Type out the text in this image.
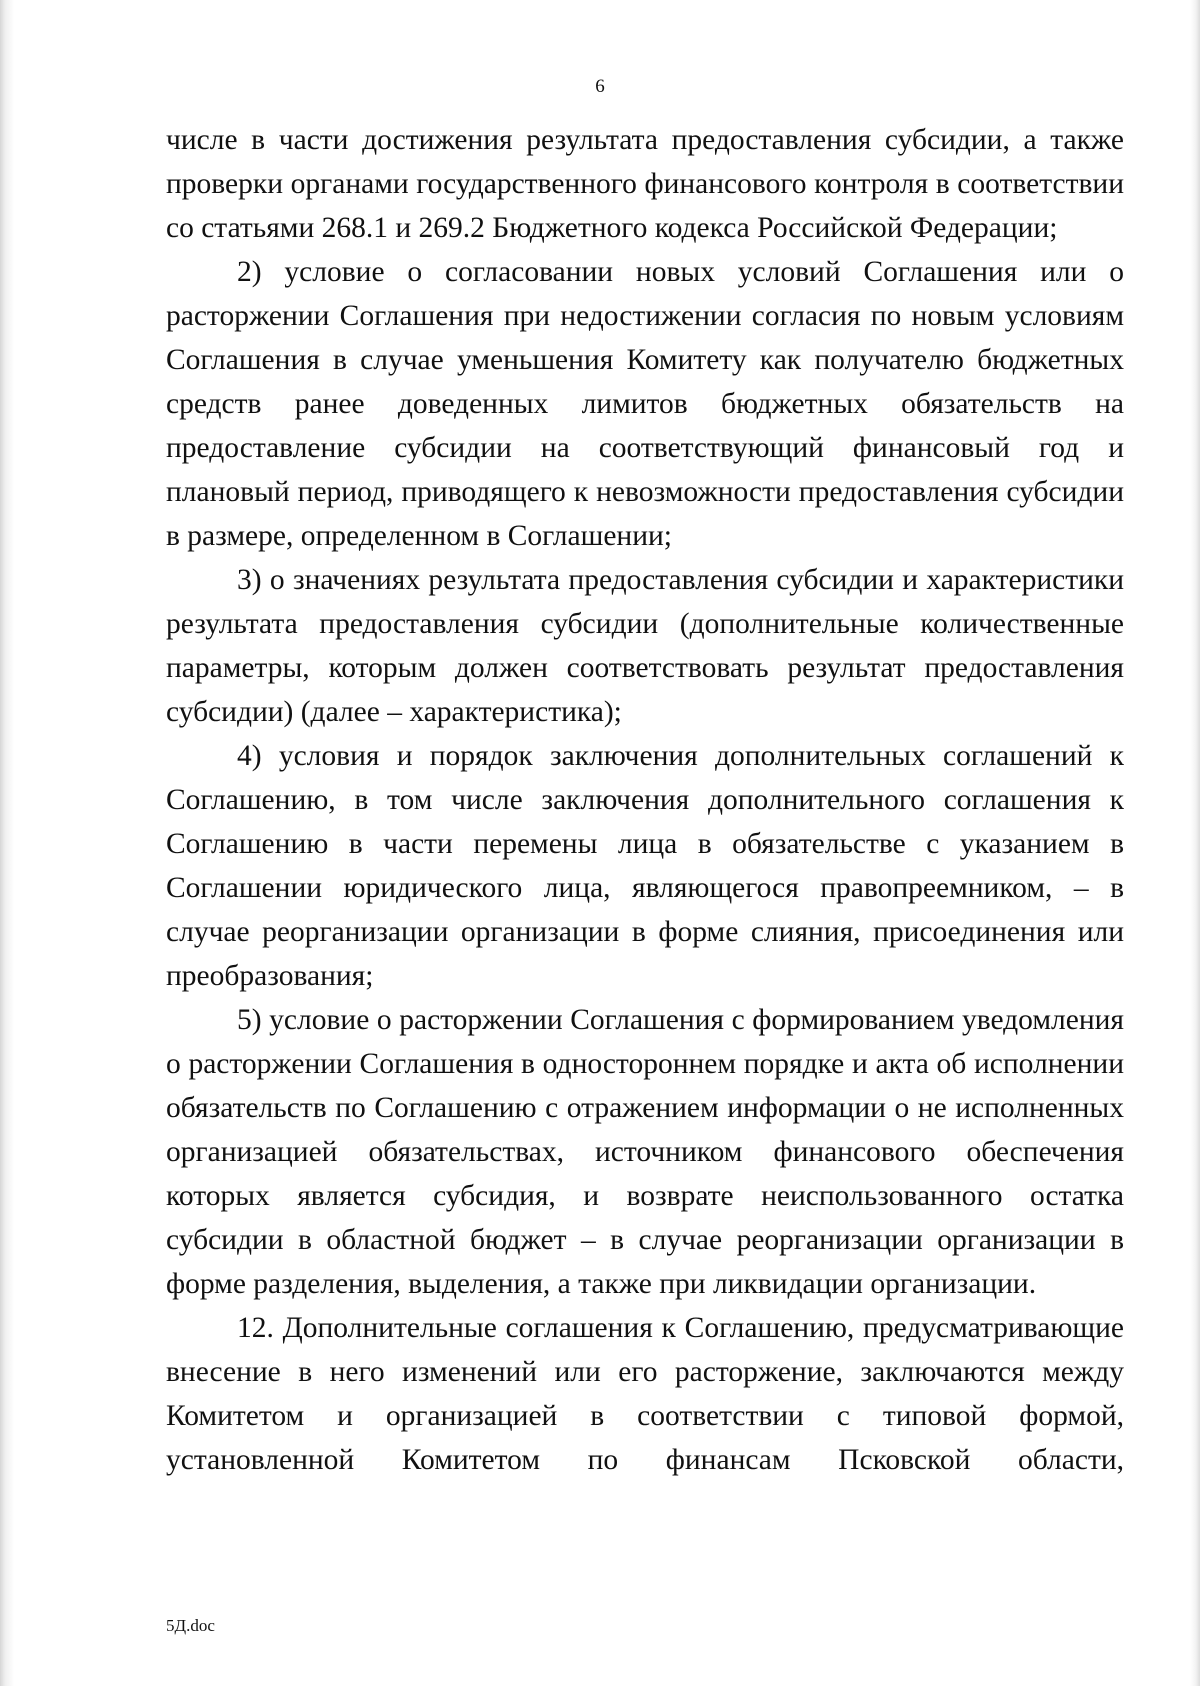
6

числе в части достижения результата предоставления субсидии, а также проверки органами государственного финансового контроля в соответствии со статьями 268.1 и 269.2 Бюджетного кодекса Российской Федерации;

2) условие о согласовании новых условий Соглашения или о расторжении Соглашения при недостижении согласия по новым условиям Соглашения в случае уменьшения Комитету как получателю бюджетных средств ранее доведенных лимитов бюджетных обязательств на предоставление субсидии на соответствующий финансовый год и плановый период, приводящего к невозможности предоставления субсидии в размере, определенном в Соглашении;

3) о значениях результата предоставления субсидии и характеристики результата предоставления субсидии (дополнительные количественные параметры, которым должен соответствовать результат предоставления субсидии) (далее – характеристика);

4) условия и порядок заключения дополнительных соглашений к Соглашению, в том числе заключения дополнительного соглашения к Соглашению в части перемены лица в обязательстве с указанием в Соглашении юридического лица, являющегося правопреемником, – в случае реорганизации организации в форме слияния, присоединения или преобразования;

5) условие о расторжении Соглашения с формированием уведомления о расторжении Соглашения в одностороннем порядке и акта об исполнении обязательств по Соглашению с отражением информации о не исполненных организацией обязательствах, источником финансового обеспечения которых является субсидия, и возврате неиспользованного остатка субсидии в областной бюджет – в случае реорганизации организации в форме разделения, выделения, а также при ликвидации организации.

12. Дополнительные соглашения к Соглашению, предусматривающие внесение в него изменений или его расторжение, заключаются между Комитетом и организацией в соответствии с типовой формой, установленной Комитетом по финансам Псковской области,

5Д.doc
